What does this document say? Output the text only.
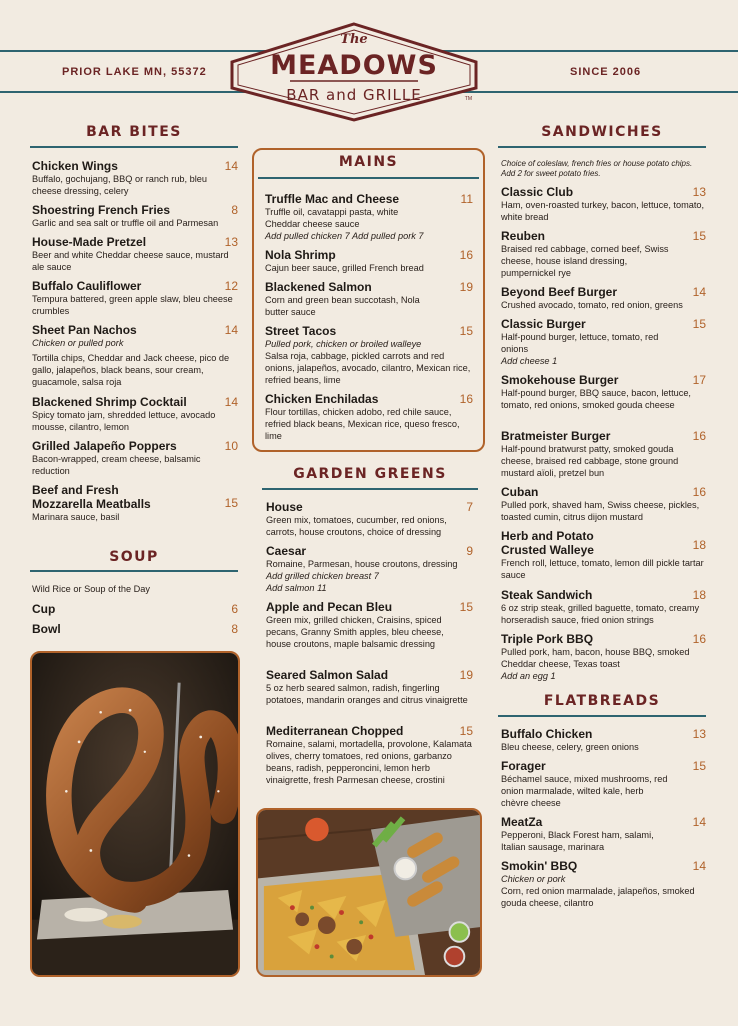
PRIOR LAKE MN, 55372	SINCE 2006
The
MEADOWS
BAR and GRILLE	TM
BAR BITES
Chicken Wings	14
Buffalo, gochujang, BBQ or ranch rub, bleu cheese dressing, celery
Shoestring French Fries	8
Garlic and sea salt or truffle oil and Parmesan
House-Made Pretzel	13
Beer and white Cheddar cheese sauce, mustard ale sauce
Buffalo Cauliflower	12
Tempura battered, green apple slaw, bleu cheese crumbles
Sheet Pan Nachos	14
Chicken or pulled pork
Tortilla chips, Cheddar and Jack cheese, pico de gallo, jalapeños, black beans, sour cream, guacamole, salsa roja
Blackened Shrimp Cocktail	14
Spicy tomato jam, shredded lettuce, avocado mousse, cilantro, lemon
Grilled Jalapeño Poppers	10
Bacon-wrapped, cream cheese, balsamic reduction
Beef and Fresh Mozzarella Meatballs	15
Marinara sauce, basil
SOUP
Wild Rice or Soup of the Day
Cup	6
Bowl	8
MAINS
Truffle Mac and Cheese	11
Truffle oil, cavatappi pasta, white Cheddar cheese sauce
Add pulled chicken 7 Add pulled pork 7
Nola Shrimp	16
Cajun beer sauce, grilled French bread
Blackened Salmon	19
Corn and green bean succotash, Nola butter sauce
Street Tacos	15
Pulled pork, chicken or broiled walleye
Salsa roja, cabbage, pickled carrots and red onions, jalapeños, avocado, cilantro, Mexican rice, refried beans, lime
Chicken Enchiladas	16
Flour tortillas, chicken adobo, red chile sauce, refried black beans, Mexican rice, queso fresco, lime
GARDEN GREENS
House	7
Green mix, tomatoes, cucumber, red onions, carrots, house croutons, choice of dressing
Caesar	9
Romaine, Parmesan, house croutons, dressing
Add grilled chicken breast 7
Add salmon 11
Apple and Pecan Bleu	15
Green mix, grilled chicken, Craisins, spiced pecans, Granny Smith apples, bleu cheese, house croutons, maple balsamic dressing
Seared Salmon Salad	19
5 oz herb seared salmon, radish, fingerling potatoes, mandarin oranges and citrus vinaigrette
Mediterranean Chopped	15
Romaine, salami, mortadella, provolone, Kalamata olives, cherry tomatoes, red onions, garbanzo beans, radish, pepperoncini, lemon herb vinaigrette, fresh Parmesan cheese, crostini
SANDWICHES
Choice of coleslaw, french fries or house potato chips. Add 2 for sweet potato fries.
Classic Club	13
Ham, oven-roasted turkey, bacon, lettuce, tomato, white bread
Reuben	15
Braised red cabbage, corned beef, Swiss cheese, house island dressing, pumpernickel rye
Beyond Beef Burger	14
Crushed avocado, tomato, red onion, greens
Classic Burger	15
Half-pound burger, lettuce, tomato, red onions
Add cheese 1
Smokehouse Burger	17
Half-pound burger, BBQ sauce, bacon, lettuce, tomato, red onions, smoked gouda cheese
Bratmeister Burger	16
Half-pound bratwurst patty, smoked gouda cheese, braised red cabbage, stone ground mustard aïoli, pretzel bun
Cuban	16
Pulled pork, shaved ham, Swiss cheese, pickles, toasted cumin, citrus dijon mustard
Herb and Potato Crusted Walleye	18
French roll, lettuce, tomato, lemon dill pickle tartar sauce
Steak Sandwich	18
6 oz strip steak, grilled baguette, tomato, creamy horseradish sauce, fried onion strings
Triple Pork BBQ	16
Pulled pork, ham, bacon, house BBQ, smoked Cheddar cheese, Texas toast
Add an egg 1
FLATBREADS
Buffalo Chicken	13
Bleu cheese, celery, green onions
Forager	15
Béchamel sauce, mixed mushrooms, red onion marmalade, wilted kale, herb chèvre cheese
MeatZa	14
Pepperoni, Black Forest ham, salami, Italian sausage, marinara
Smokin' BBQ	14
Chicken or pork
Corn, red onion marmalade, jalapeños, smoked gouda cheese, cilantro
